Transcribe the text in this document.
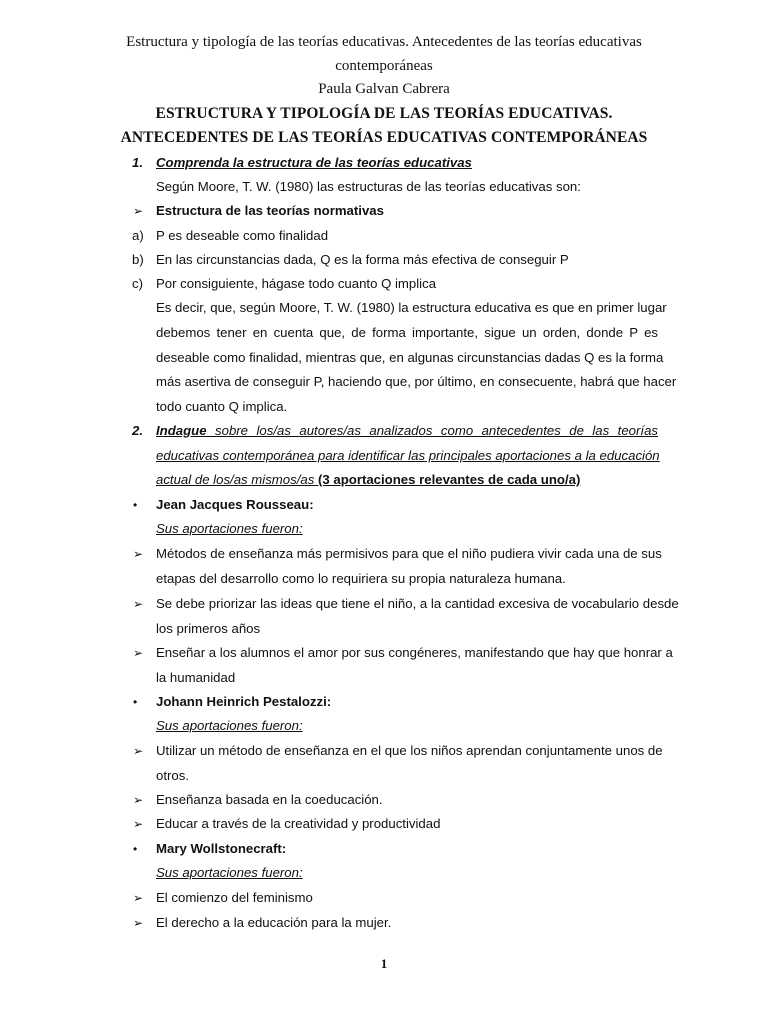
Estructura y tipología de las teorías educativas. Antecedentes de las teorías educativas
contemporáneas
Paula Galvan Cabrera
ESTRUCTURA Y TIPOLOGÍA DE LAS TEORÍAS EDUCATIVAS.
ANTECEDENTES DE LAS TEORÍAS EDUCATIVAS CONTEMPORÁNEAS
1. Comprenda la estructura de las teorías educativas
Según Moore, T. W. (1980) las estructuras de las teorías educativas son:
➢ Estructura de las teorías normativas
a) P es deseable como finalidad
b) En las circunstancias dada, Q es la forma más efectiva de conseguir P
c) Por consiguiente, hágase todo cuanto Q implica
Es decir, que, según Moore, T. W. (1980) la estructura educativa es que en primer lugar
debemos tener en cuenta que, de forma importante, sigue un orden, donde P es
deseable como finalidad, mientras que, en algunas circunstancias dadas Q es la forma
más asertiva de conseguir P, haciendo que, por último, en consecuente, habrá que hacer
todo cuanto Q implica.
2. Indague sobre los/as autores/as analizados como antecedentes de las teorías
educativas contemporánea para identificar las principales aportaciones a la educación
actual de los/as mismos/as (3 aportaciones relevantes de cada uno/a)
• Jean Jacques Rousseau:
Sus aportaciones fueron:
➢ Métodos de enseñanza más permisivos para que el niño pudiera vivir cada una de sus
etapas del desarrollo como lo requiriera su propia naturaleza humana.
➢ Se debe priorizar las ideas que tiene el niño, a la cantidad excesiva de vocabulario desde
los primeros años
➢ Enseñar a los alumnos el amor por sus congéneres, manifestando que hay que honrar a
la humanidad
• Johann Heinrich Pestalozzi:
Sus aportaciones fueron:
➢ Utilizar un método de enseñanza en el que los niños aprendan conjuntamente unos de
otros.
➢ Enseñanza basada en la coeducación.
➢ Educar a través de la creatividad y productividad
• Mary Wollstonecraft:
Sus aportaciones fueron:
➢ El comienzo del feminismo
➢ El derecho a la educación para la mujer.
1
